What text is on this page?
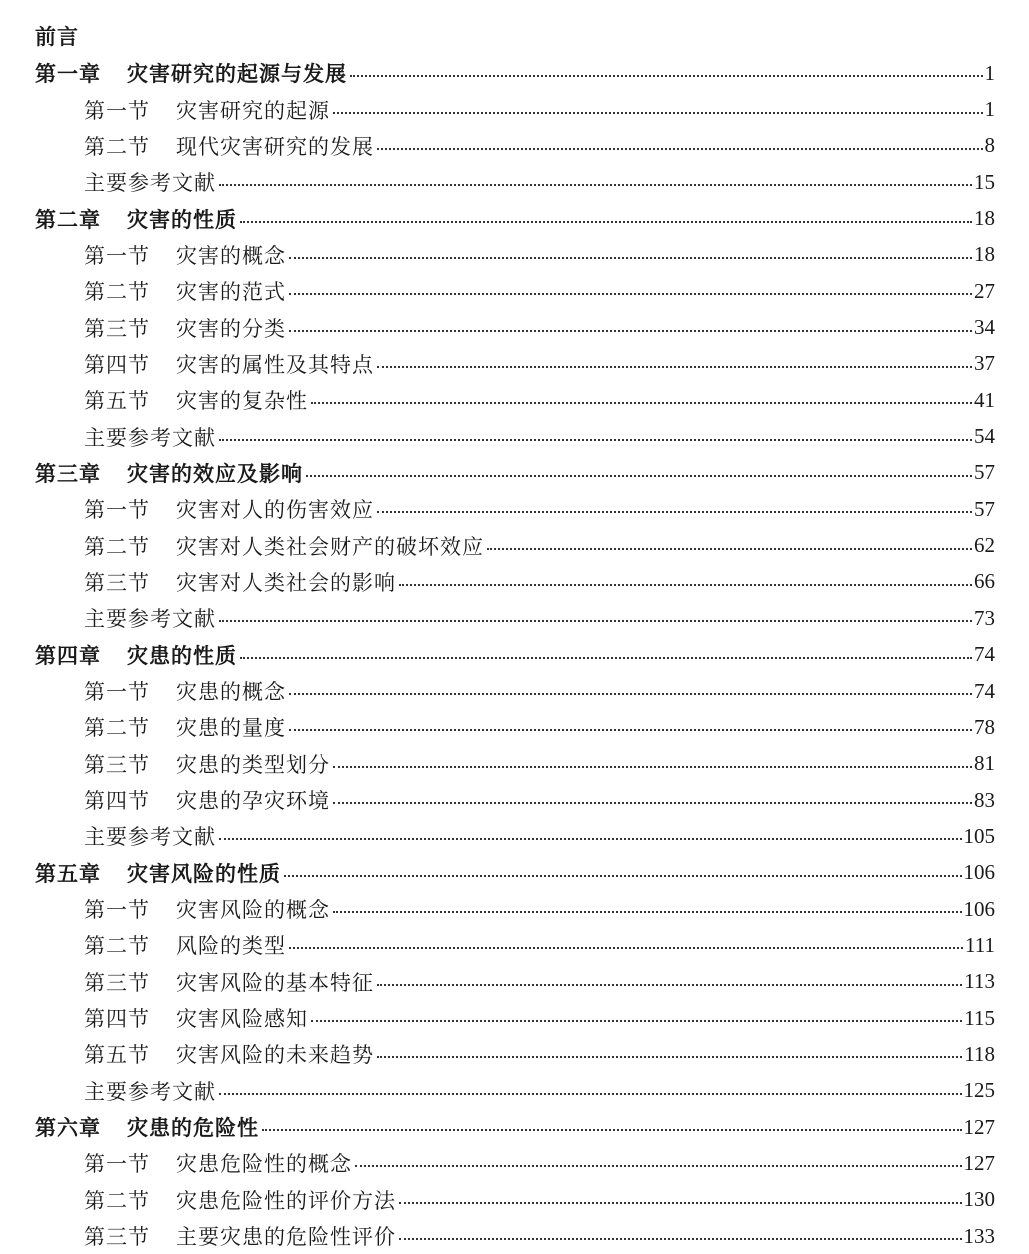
前言
第一章 灾害研究的起源与发展	1
第一节 灾害研究的起源	1
第二节 现代灾害研究的发展	8
主要参考文献	15
第二章 灾害的性质	18
第一节 灾害的概念	18
第二节 灾害的范式	27
第三节 灾害的分类	34
第四节 灾害的属性及其特点	37
第五节 灾害的复杂性	41
主要参考文献	54
第三章 灾害的效应及影响	57
第一节 灾害对人的伤害效应	57
第二节 灾害对人类社会财产的破坏效应	62
第三节 灾害对人类社会的影响	66
主要参考文献	73
第四章 灾患的性质	74
第一节 灾患的概念	74
第二节 灾患的量度	78
第三节 灾患的类型划分	81
第四节 灾患的孕灾环境	83
主要参考文献	105
第五章 灾害风险的性质	106
第一节 灾害风险的概念	106
第二节 风险的类型	111
第三节 灾害风险的基本特征	113
第四节 灾害风险感知	115
第五节 灾害风险的未来趋势	118
主要参考文献	125
第六章 灾患的危险性	127
第一节 灾患危险性的概念	127
第二节 灾患危险性的评价方法	130
第三节 主要灾患的危险性评价	133
